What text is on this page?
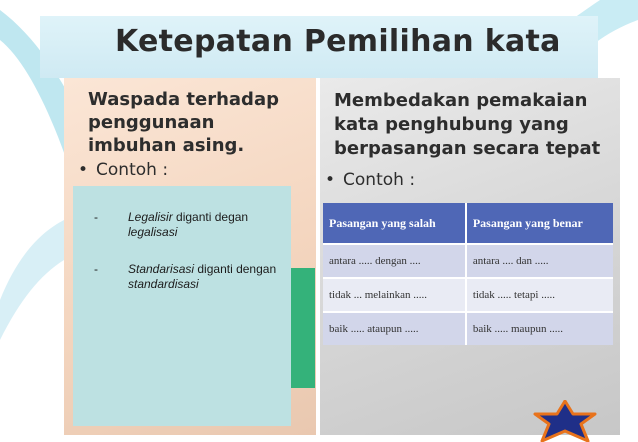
Ketepatan Pemilihan kata
Waspada terhadap penggunaan imbuhan asing.
• Contoh :
-	Legalisir diganti degan legalisasi
-	Standarisasi diganti dengan standardisasi
Membedakan pemakaian kata penghubung yang berpasangan secara tepat
• Contoh :
Pasangan yang salah	Pasangan yang benar
antara ..... dengan ....	antara .... dan .....
tidak ... melainkan .....	tidak ..... tetapi .....
baik ..... ataupun .....	baik ..... maupun .....
